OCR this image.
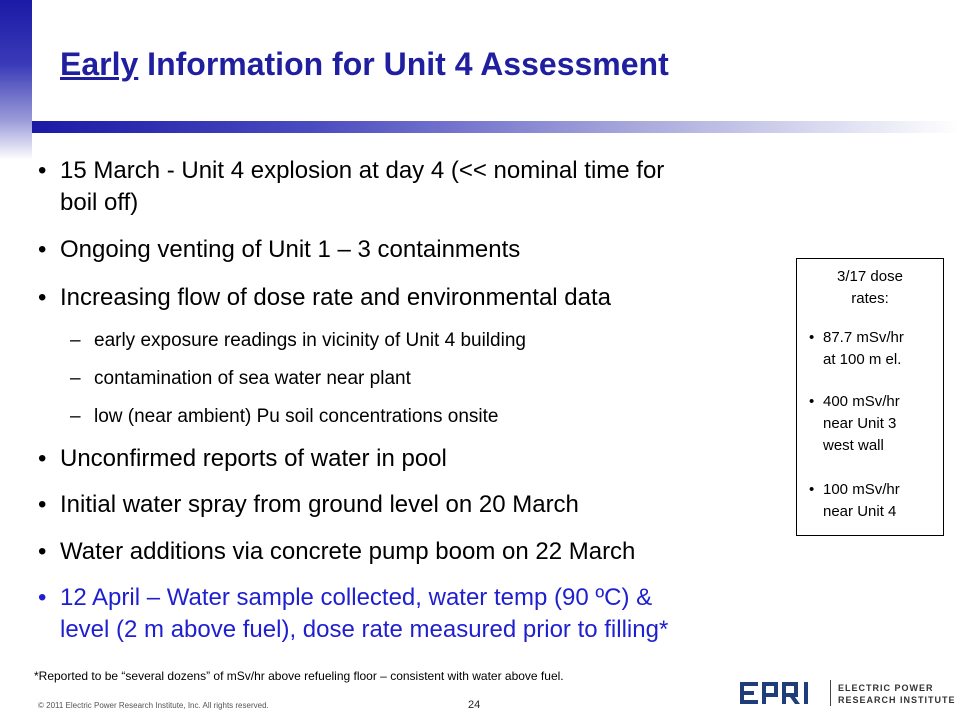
Early Information for Unit 4 Assessment
• 15 March - Unit 4 explosion at day 4 (<< nominal time for
boil off)
• Ongoing venting of Unit 1 – 3 containments
• Increasing flow of dose rate and environmental data
– early exposure readings in vicinity of Unit 4 building
– contamination of sea water near plant
– low (near ambient) Pu soil concentrations onsite
• Unconfirmed reports of water in pool
• Initial water spray from ground level on 20 March
• Water additions via concrete pump boom on 22 March
• 12 April – Water sample collected, water temp (90 ºC) &
level (2 m above fuel), dose rate measured prior to filling*
3/17 dose
rates:
• 87.7 mSv/hr
at 100 m el.
• 400 mSv/hr
near Unit 3
west wall
• 100 mSv/hr
near Unit 4
*Reported to be “several dozens” of mSv/hr above refueling floor – consistent with water above fuel.
© 2011 Electric Power Research Institute, Inc. All rights reserved.	24
ELECTRIC POWER
RESEARCH INSTITUTE
